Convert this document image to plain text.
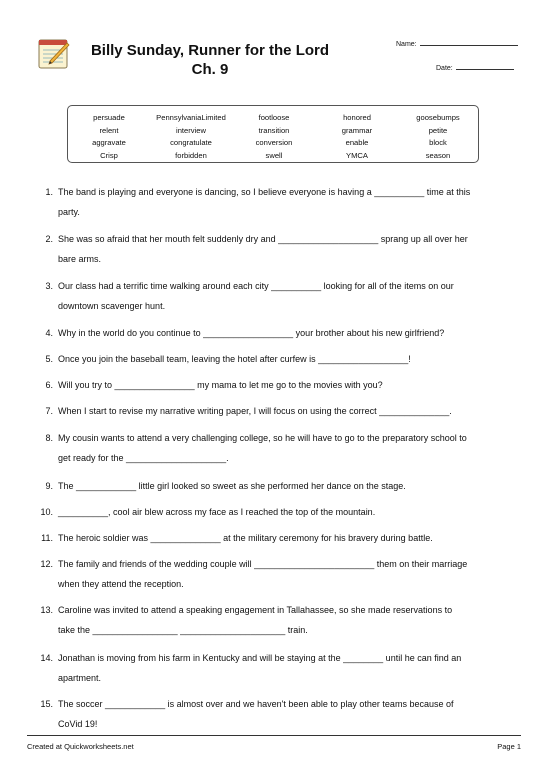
Billy Sunday, Runner for the Lord
Ch. 9
Name:
Date:
persuade	PennsylvaniaLimited	footloose	honored	goosebumps
relent	interview	transition	grammar	petite
aggravate	congratulate	conversion	enable	block
Crisp	forbidden	swell	YMCA	season
1. The band is playing and everyone is dancing, so I believe everyone is having a __________ time at this
party.
2. She was so afraid that her mouth felt suddenly dry and ____________________ sprang up all over her
bare arms.
3. Our class had a terrific time walking around each city __________ looking for all of the items on our
downtown scavenger hunt.
4. Why in the world do you continue to __________________ your brother about his new girlfriend?
5. Once you join the baseball team, leaving the hotel after curfew is __________________!
6. Will you try to ________________ my mama to let me go to the movies with you?
7. When I start to revise my narrative writing paper, I will focus on using the correct ______________.
8. My cousin wants to attend a very challenging college, so he will have to go to the preparatory school to
get ready for the ____________________.
9. The ____________ little girl looked so sweet as she performed her dance on the stage.
10. __________, cool air blew across my face as I reached the top of the mountain.
11. The heroic soldier was ______________ at the military ceremony for his bravery during battle.
12. The family and friends of the wedding couple will ________________________ them on their marriage
when they attend the reception.
13. Caroline was invited to attend a speaking engagement in Tallahassee, so she made reservations to
take the _________________ _____________________ train.
14. Jonathan is moving from his farm in Kentucky and will be staying at the ________ until he can find an
apartment.
15. The soccer ____________ is almost over and we haven't been able to play other teams because of
CoVid 19!
Created at Quickworksheets.net	Page 1
